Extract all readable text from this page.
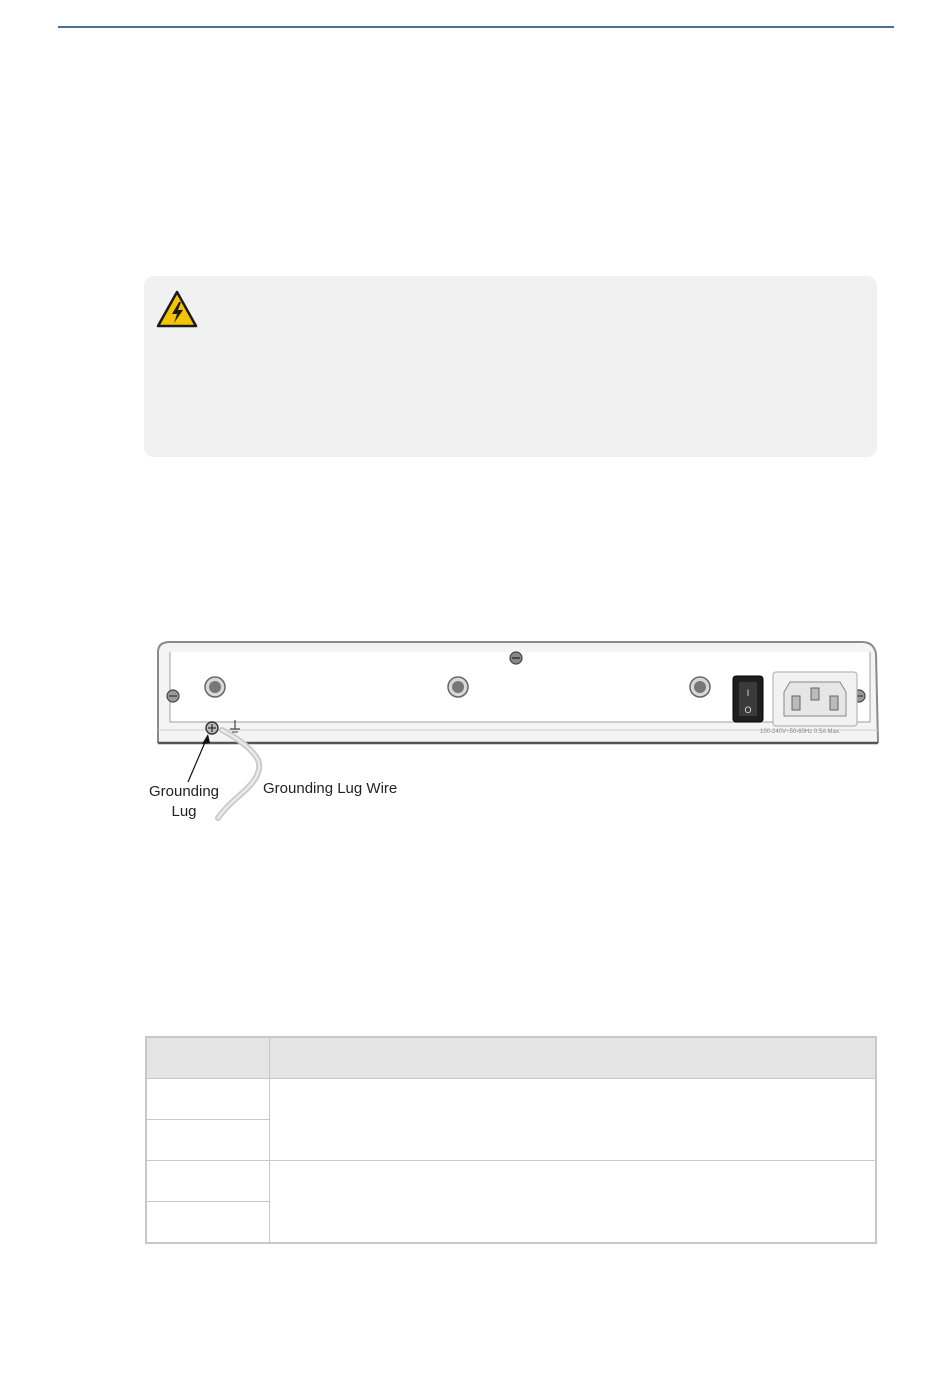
I
O
100-240V~50-60Hz 0.5A Max.
Grounding Lug
Grounding Lug Wire
